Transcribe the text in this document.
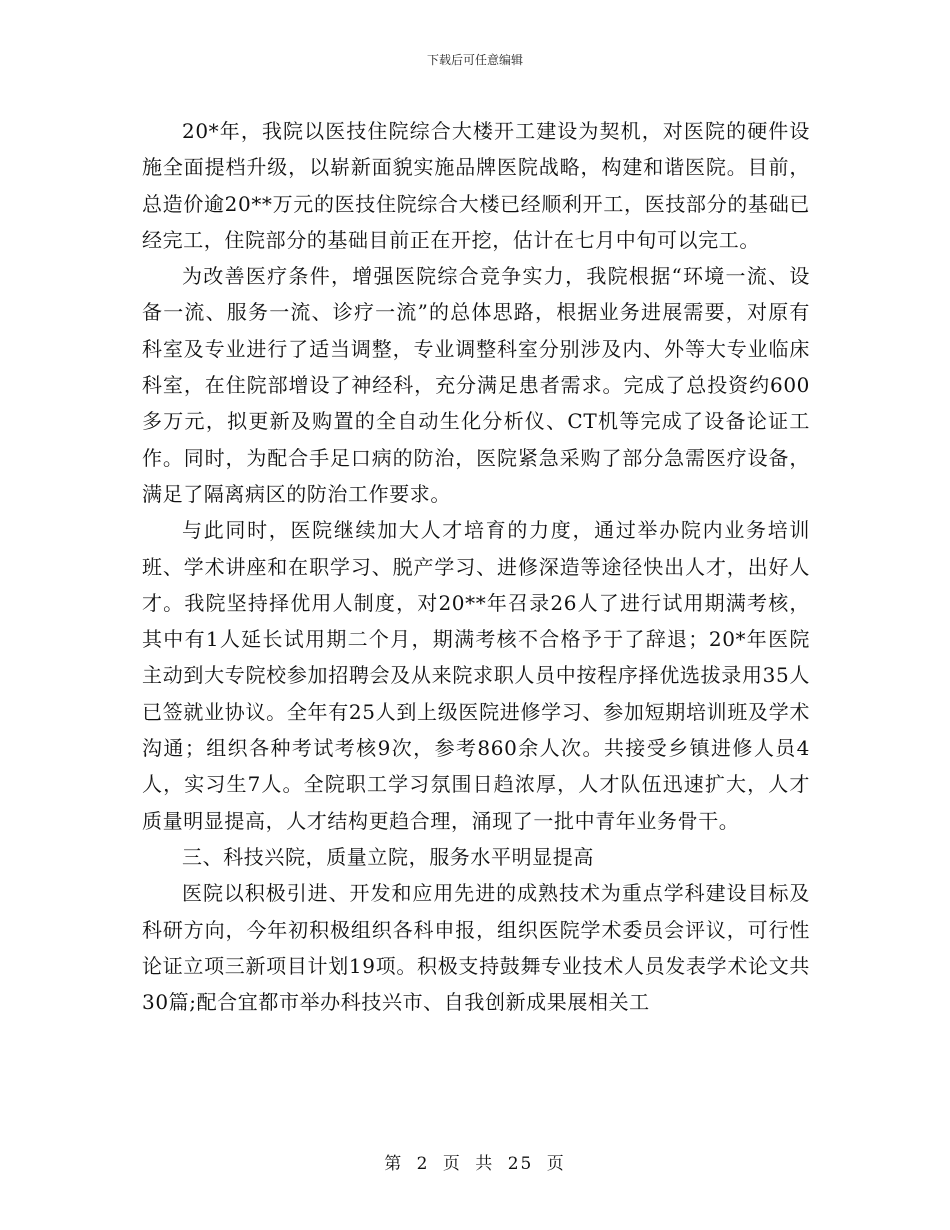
下载后可任意编辑

20*年，我院以医技住院综合大楼开工建设为契机，对医院的硬件设施全面提档升级，以崭新面貌实施品牌医院战略，构建和谐医院。目前，总造价逾20**万元的医技住院综合大楼已经顺利开工，医技部分的基础已经完工，住院部分的基础目前正在开挖，估计在七月中旬可以完工。

为改善医疗条件，增强医院综合竞争实力，我院根据“环境一流、设备一流、服务一流、诊疗一流”的总体思路，根据业务进展需要，对原有科室及专业进行了适当调整，专业调整科室分别涉及内、外等大专业临床科室，在住院部增设了神经科，充分满足患者需求。完成了总投资约600多万元，拟更新及购置的全自动生化分析仪、CT机等完成了设备论证工作。同时，为配合手足口病的防治，医院紧急采购了部分急需医疗设备，满足了隔离病区的防治工作要求。

与此同时，医院继续加大人才培育的力度，通过举办院内业务培训班、学术讲座和在职学习、脱产学习、进修深造等途径快出人才，出好人才。我院坚持择优用人制度，对20**年召录26人了进行试用期满考核，其中有1人延长试用期二个月，期满考核不合格予于了辞退；20*年医院主动到大专院校参加招聘会及从来院求职人员中按程序择优选拔录用35人已签就业协议。全年有25人到上级医院进修学习、参加短期培训班及学术沟通；组织各种考试考核9次，参考860余人次。共接受乡镇进修人员4人，实习生7人。全院职工学习氛围日趋浓厚，人才队伍迅速扩大，人才质量明显提高，人才结构更趋合理，涌现了一批中青年业务骨干。

三、科技兴院，质量立院，服务水平明显提高

医院以积极引进、开发和应用先进的成熟技术为重点学科建设目标及科研方向，今年初积极组织各科申报，组织医院学术委员会评议，可行性论证立项三新项目计划19项。积极支持鼓舞专业技术人员发表学术论文共30篇;配合宜都市举办科技兴市、自我创新成果展相关工

第 2 页 共 25 页
